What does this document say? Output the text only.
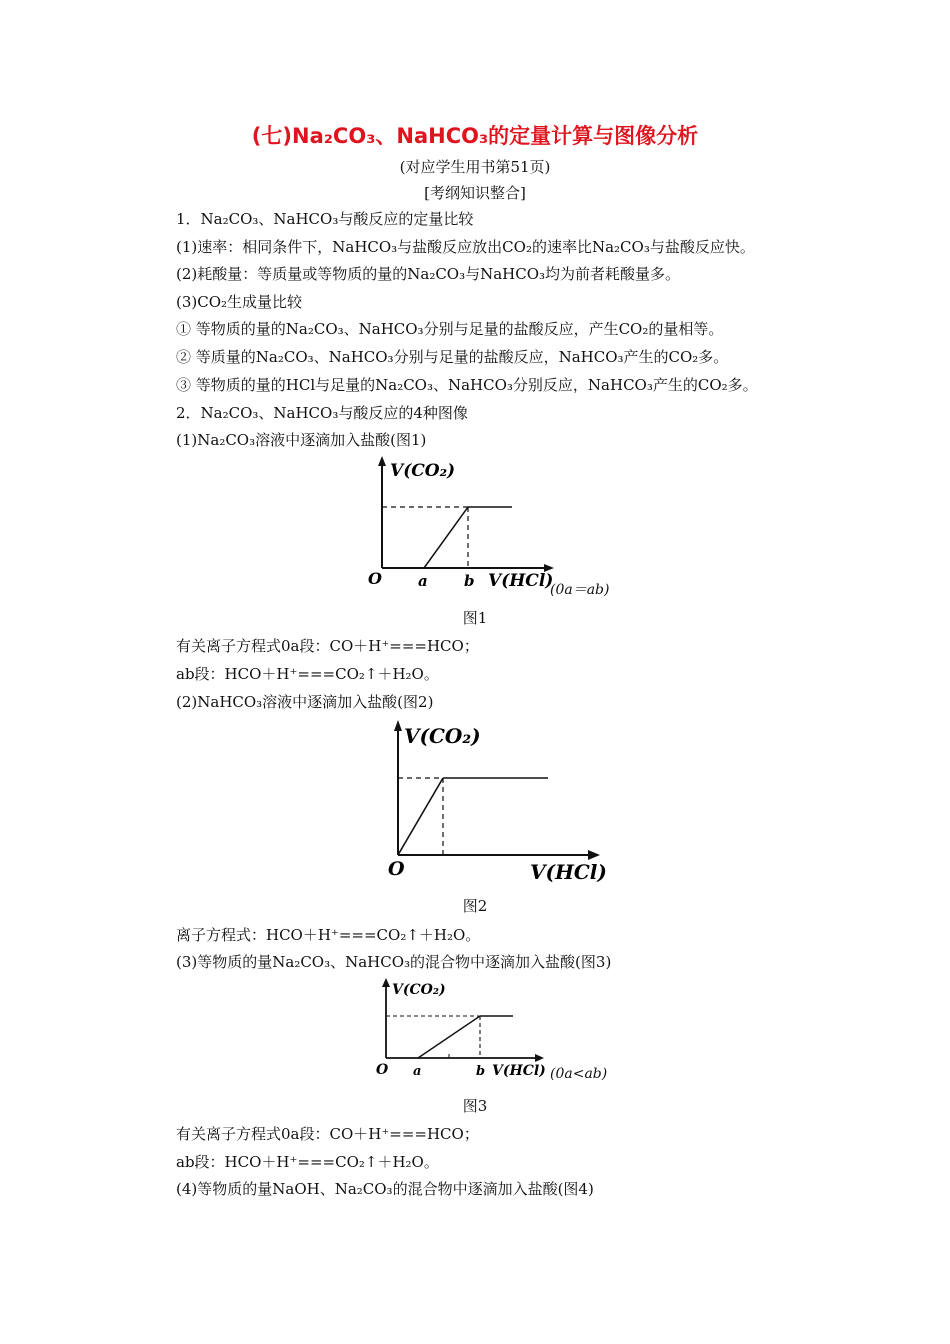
(七)Na₂CO₃、NaHCO₃的定量计算与图像分析
(对应学生用书第51页)
[考纲知识整合]
1．Na₂CO₃、NaHCO₃与酸反应的定量比较
(1)速率：相同条件下，NaHCO₃与盐酸反应放出CO₂的速率比Na₂CO₃与盐酸反应快。
(2)耗酸量：等质量或等物质的量的Na₂CO₃与NaHCO₃均为前者耗酸量多。
(3)CO₂生成量比较
① 等物质的量的Na₂CO₃、NaHCO₃分别与足量的盐酸反应，产生CO₂的量相等。
② 等质量的Na₂CO₃、NaHCO₃分别与足量的盐酸反应，NaHCO₃产生的CO₂多。
③ 等物质的量的HCl与足量的Na₂CO₃、NaHCO₃分别反应，NaHCO₃产生的CO₂多。
2．Na₂CO₃、NaHCO₃与酸反应的4种图像
(1)Na₂CO₃溶液中逐滴加入盐酸(图1)
V(CO₂)
O a b V(HCl)
(0a＝ab)
图1
有关离子方程式0a段：CO＋H⁺===HCO；
ab段：HCO＋H⁺===CO₂↑＋H₂O。
(2)NaHCO₃溶液中逐滴加入盐酸(图2)
V(CO₂)
O	V(HCl)
图2
离子方程式：HCO＋H⁺===CO₂↑＋H₂O。
(3)等物质的量Na₂CO₃、NaHCO₃的混合物中逐滴加入盐酸(图3)
V(CO₂)
O a	b V(HCl) (0a<ab)
图3
有关离子方程式0a段：CO＋H⁺===HCO；
ab段：HCO＋H⁺===CO₂↑＋H₂O。
(4)等物质的量NaOH、Na₂CO₃的混合物中逐滴加入盐酸(图4)
